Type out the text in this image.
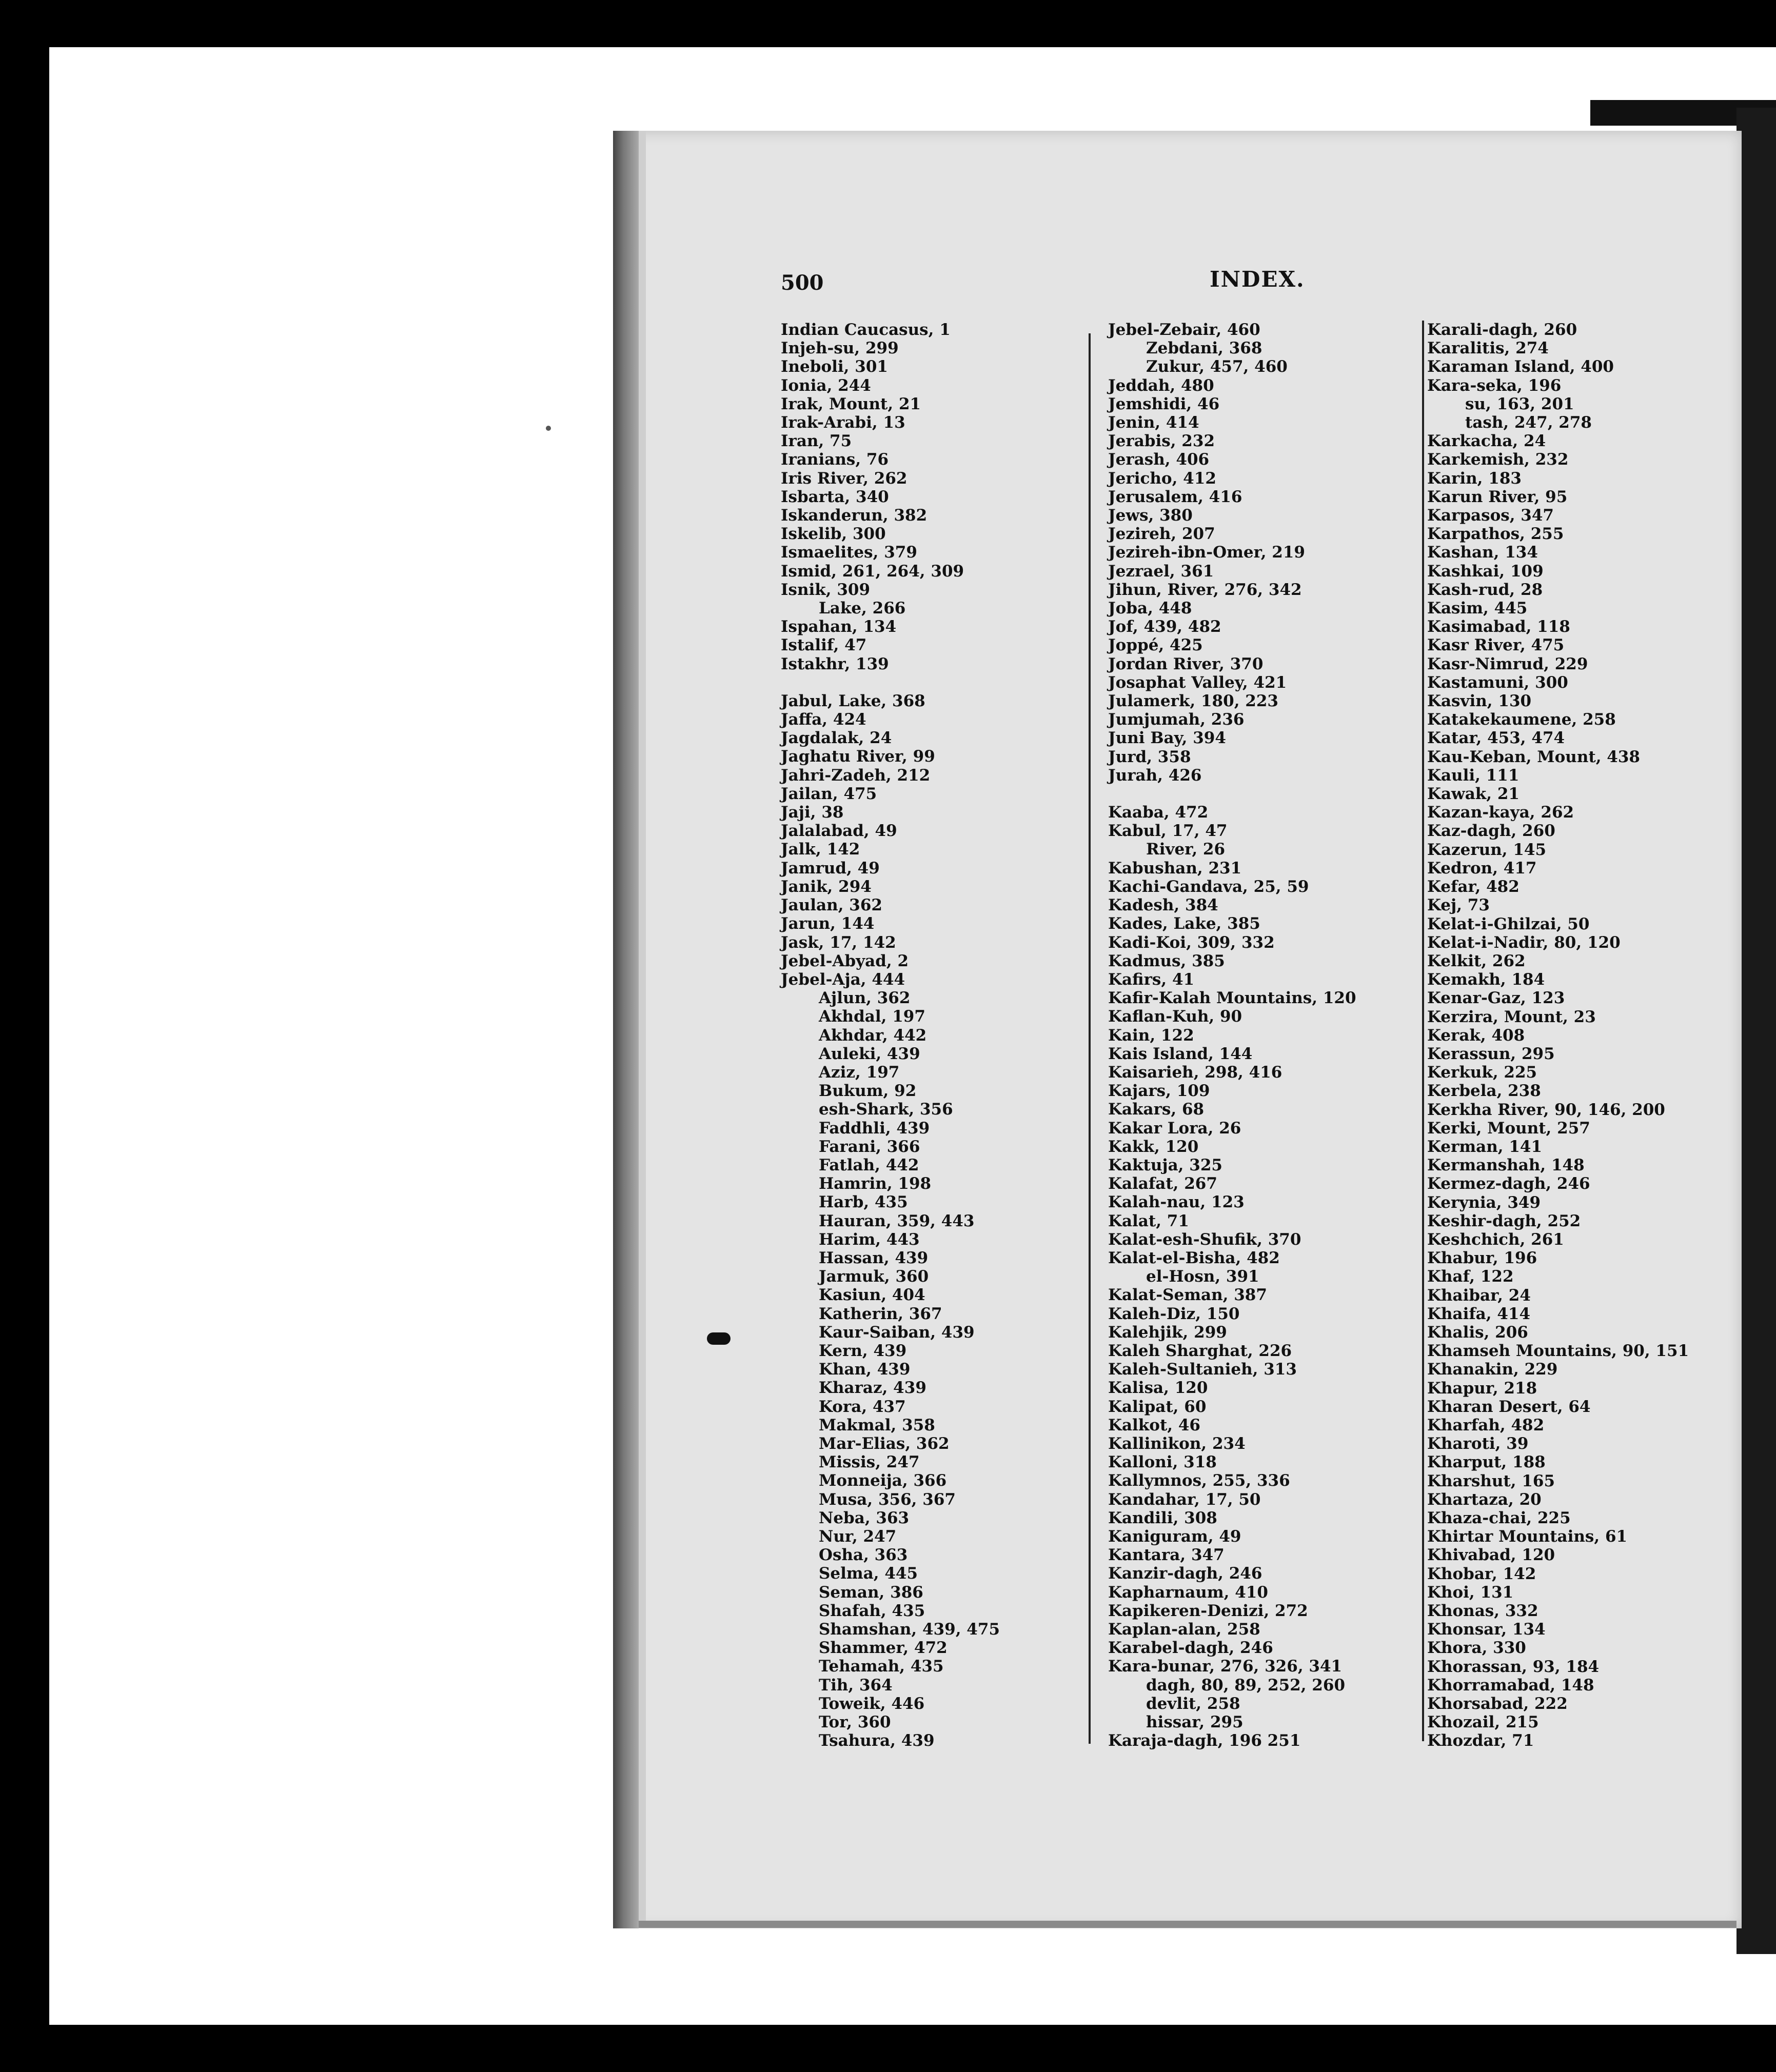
500	INDEX.
Indian Caucasus, 1
Injeh-su, 299
Ineboli, 301
Ionia, 244
Irak, Mount, 21
Irak-Arabi, 13
Iran, 75
Iranians, 76
Iris River, 262
Isbarta, 340
Iskanderun, 382
Iskelib, 300
Ismaelites, 379
Ismid, 261, 264, 309
Isnik, 309
Lake, 266
Ispahan, 134
Istalif, 47
Istakhr, 139
Jabul, Lake, 368
Jaffa, 424
Jagdalak, 24
Jaghatu River, 99
Jahri-Zadeh, 212
Jailan, 475
Jaji, 38
Jalalabad, 49
Jalk, 142
Jamrud, 49
Janik, 294
Jaulan, 362
Jarun, 144
Jask, 17, 142
Jebel-Abyad, 2
Jebel-Aja, 444
Ajlun, 362
Akhdal, 197
Akhdar, 442
Auleki, 439
Aziz, 197
Bukum, 92
esh-Shark, 356
Faddhli, 439
Farani, 366
Fatlah, 442
Hamrin, 198
Harb, 435
Hauran, 359, 443
Harim, 443
Hassan, 439
Jarmuk, 360
Kasiun, 404
Katherin, 367
Kaur-Saiban, 439
Kern, 439
Khan, 439
Kharaz, 439
Kora, 437
Makmal, 358
Mar-Elias, 362
Missis, 247
Monneija, 366
Musa, 356, 367
Neba, 363
Nur, 247
Osha, 363
Selma, 445
Seman, 386
Shafah, 435
Shamshan, 439, 475
Shammer, 472
Tehamah, 435
Tih, 364
Toweik, 446
Tor, 360
Tsahura, 439
Jebel-Zebair, 460
Zebdani, 368
Zukur, 457, 460
Jeddah, 480
Jemshidi, 46
Jenin, 414
Jerabis, 232
Jerash, 406
Jericho, 412
Jerusalem, 416
Jews, 380
Jezireh, 207
Jezireh-ibn-Omer, 219
Jezrael, 361
Jihun, River, 276, 342
Joba, 448
Jof, 439, 482
Joppé, 425
Jordan River, 370
Josaphat Valley, 421
Julamerk, 180, 223
Jumjumah, 236
Juni Bay, 394
Jurd, 358
Jurah, 426
Kaaba, 472
Kabul, 17, 47
River, 26
Kabushan, 231
Kachi-Gandava, 25, 59
Kadesh, 384
Kades, Lake, 385
Kadi-Koi, 309, 332
Kadmus, 385
Kafirs, 41
Kafir-Kalah Mountains, 120
Kaflan-Kuh, 90
Kain, 122
Kais Island, 144
Kaisarieh, 298, 416
Kajars, 109
Kakars, 68
Kakar Lora, 26
Kakk, 120
Kaktuja, 325
Kalafat, 267
Kalah-nau, 123
Kalat, 71
Kalat-esh-Shufik, 370
Kalat-el-Bisha, 482
el-Hosn, 391
Kalat-Seman, 387
Kaleh-Diz, 150
Kalehjik, 299
Kaleh Sharghat, 226
Kaleh-Sultanieh, 313
Kalisa, 120
Kalipat, 60
Kalkot, 46
Kallinikon, 234
Kalloni, 318
Kallymnos, 255, 336
Kandahar, 17, 50
Kandili, 308
Kaniguram, 49
Kantara, 347
Kanzir-dagh, 246
Kapharnaum, 410
Kapikeren-Denizi, 272
Kaplan-alan, 258
Karabel-dagh, 246
Kara-bunar, 276, 326, 341
dagh, 80, 89, 252, 260
devlit, 258
hissar, 295
Karaja-dagh, 196 251
Karali-dagh, 260
Karalitis, 274
Karaman Island, 400
Kara-seka, 196
su, 163, 201
tash, 247, 278
Karkacha, 24
Karkemish, 232
Karin, 183
Karun River, 95
Karpasos, 347
Karpathos, 255
Kashan, 134
Kashkai, 109
Kash-rud, 28
Kasim, 445
Kasimabad, 118
Kasr River, 475
Kasr-Nimrud, 229
Kastamuni, 300
Kasvin, 130
Katakekaumene, 258
Katar, 453, 474
Kau-Keban, Mount, 438
Kauli, 111
Kawak, 21
Kazan-kaya, 262
Kaz-dagh, 260
Kazerun, 145
Kedron, 417
Kefar, 482
Kej, 73
Kelat-i-Ghilzai, 50
Kelat-i-Nadir, 80, 120
Kelkit, 262
Kemakh, 184
Kenar-Gaz, 123
Kerzira, Mount, 23
Kerak, 408
Kerassun, 295
Kerkuk, 225
Kerbela, 238
Kerkha River, 90, 146, 200
Kerki, Mount, 257
Kerman, 141
Kermanshah, 148
Kermez-dagh, 246
Kerynia, 349
Keshir-dagh, 252
Keshchich, 261
Khabur, 196
Khaf, 122
Khaibar, 24
Khaifa, 414
Khalis, 206
Khamseh Mountains, 90, 151
Khanakin, 229
Khapur, 218
Kharan Desert, 64
Kharfah, 482
Kharoti, 39
Kharput, 188
Kharshut, 165
Khartaza, 20
Khaza-chai, 225
Khirtar Mountains, 61
Khivabad, 120
Khobar, 142
Khoi, 131
Khonas, 332
Khonsar, 134
Khora, 330
Khorassan, 93, 184
Khorramabad, 148
Khorsabad, 222
Khozail, 215
Khozdar, 71
